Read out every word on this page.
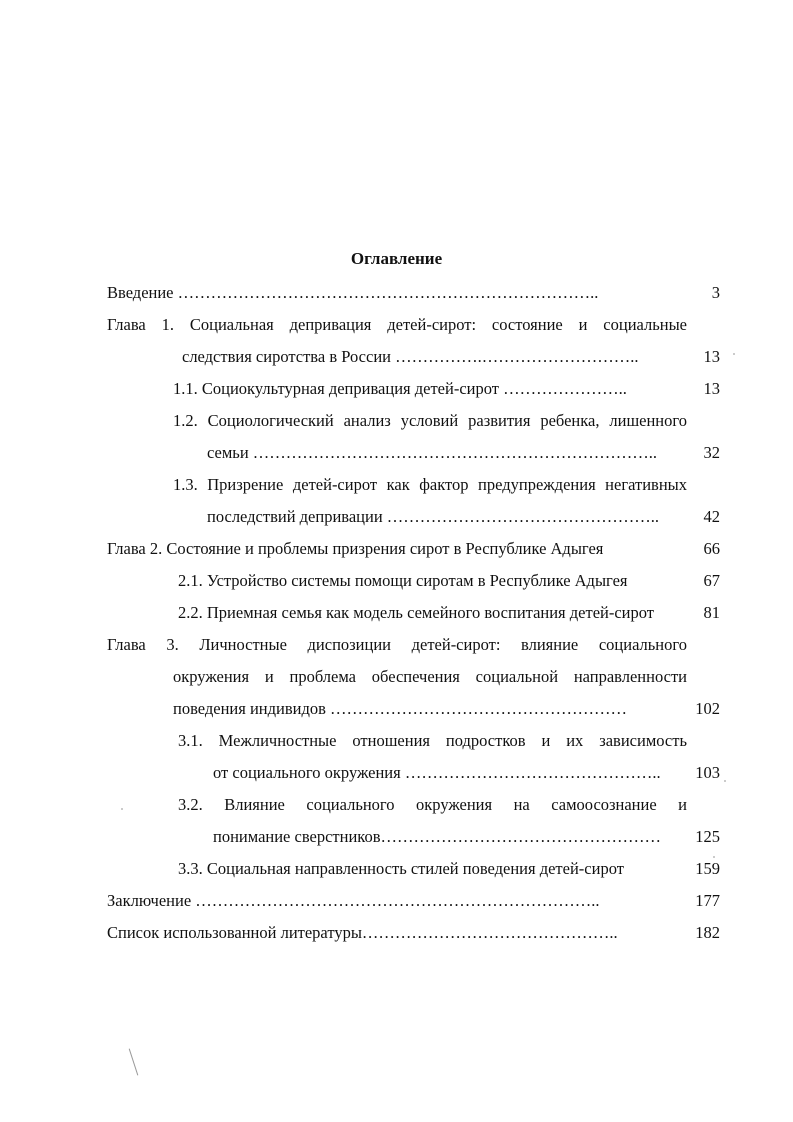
Оглавление
Введение …………………………………………………………………..	3
Глава 1. Социальная депривация детей-сирот: состояние и социальные
следствия сиротства в России …………….………………………..	13
1.1. Социокультурная депривация детей-сирот …………………..	13
1.2. Социологический анализ условий развития ребенка, лишенного
семьи ………………………………………………………………..	32
1.3. Призрение детей-сирот как фактор предупреждения негативных
последствий депривации …………………………………………..	42
Глава 2. Состояние и проблемы призрения сирот в Республике Адыгея	66
2.1. Устройство системы помощи сиротам в Республике Адыгея	67
2.2. Приемная семья как модель семейного воспитания детей-сирот	81
Глава 3. Личностные диспозиции детей-сирот: влияние социального
окружения и проблема обеспечения социальной направленности
поведения индивидов ………………………………………………	102
3.1. Межличностные отношения подростков и их зависимость
от социального окружения ………………………………………..	103
3.2. Влияние социального окружения на самоосознание и
понимание сверстников……………………………………………	125
3.3. Социальная направленность стилей поведения детей-сирот	159
Заключение ………………………………………………………………..	177
Список использованной литературы………………………………………..	182
